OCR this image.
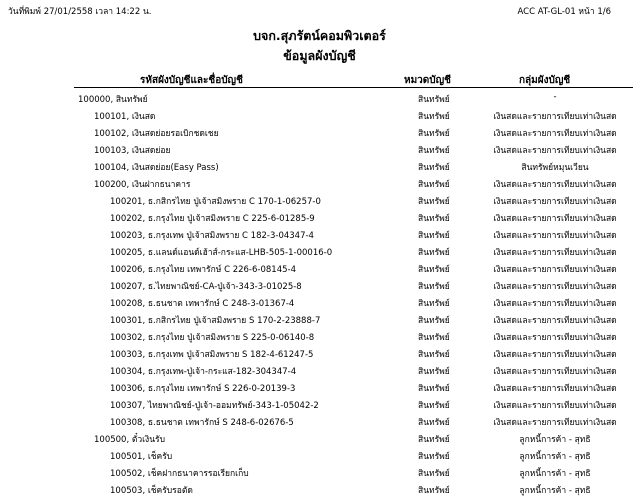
วันที่พิมพ์ 27/01/2558 เวลา 14:22 น.	ACC AT-GL-01 หน้า 1/6
บจก.สุภรัตน์คอมพิวเตอร์
ข้อมูลผังบัญชี
รหัสผังบัญชีและชื่อบัญชี	หมวดบัญชี	กลุ่มผังบัญชี
100000, สินทรัพย์	สินทรัพย์	-
100101, เงินสด	สินทรัพย์	เงินสดและรายการเทียบเท่าเงินสด
100102, เงินสดย่อยรอเบิกชดเชย	สินทรัพย์	เงินสดและรายการเทียบเท่าเงินสด
100103, เงินสดย่อย	สินทรัพย์	เงินสดและรายการเทียบเท่าเงินสด
100104, เงินสดย่อย(Easy Pass)	สินทรัพย์	สินทรัพย์หมุนเวียน
100200, เงินฝากธนาคาร	สินทรัพย์	เงินสดและรายการเทียบเท่าเงินสด
100201, ธ.กสิกรไทย ปู่เจ้าสมิงพราย C 170-1-06257-0	สินทรัพย์	เงินสดและรายการเทียบเท่าเงินสด
100202, ธ.กรุงไทย ปู่เจ้าสมิงพราย C 225-6-01285-9	สินทรัพย์	เงินสดและรายการเทียบเท่าเงินสด
100203, ธ.กรุงเทพ ปู่เจ้าสมิงพราย C 182-3-04347-4	สินทรัพย์	เงินสดและรายการเทียบเท่าเงินสด
100205, ธ.แลนด์แอนด์เฮ้าส์-กระแส-LHB-505-1-00016-0	สินทรัพย์	เงินสดและรายการเทียบเท่าเงินสด
100206, ธ.กรุงไทย เทพารักษ์ C 226-6-08145-4	สินทรัพย์	เงินสดและรายการเทียบเท่าเงินสด
100207, ธ.ไทยพาณิชย์-CA-ปู่เจ้า-343-3-01025-8	สินทรัพย์	เงินสดและรายการเทียบเท่าเงินสด
100208, ธ.ธนชาต เทพารักษ์ C 248-3-01367-4	สินทรัพย์	เงินสดและรายการเทียบเท่าเงินสด
100301, ธ.กสิกรไทย ปู่เจ้าสมิงพราย S 170-2-23888-7	สินทรัพย์	เงินสดและรายการเทียบเท่าเงินสด
100302, ธ.กรุงไทย ปู่เจ้าสมิงพราย S 225-0-06140-8	สินทรัพย์	เงินสดและรายการเทียบเท่าเงินสด
100303, ธ.กรุงเทพ ปู่เจ้าสมิงพราย S 182-4-61247-5	สินทรัพย์	เงินสดและรายการเทียบเท่าเงินสด
100304, ธ.กรุงเทพ-ปู่เจ้า-กระแส-182-304347-4	สินทรัพย์	เงินสดและรายการเทียบเท่าเงินสด
100306, ธ.กรุงไทย เทพารักษ์ S 226-0-20139-3	สินทรัพย์	เงินสดและรายการเทียบเท่าเงินสด
100307, ไทยพาณิชย์-ปู่เจ้า-ออมทรัพย์-343-1-05042-2	สินทรัพย์	เงินสดและรายการเทียบเท่าเงินสด
100308, ธ.ธนชาต เทพารักษ์ S 248-6-02676-5	สินทรัพย์	เงินสดและรายการเทียบเท่าเงินสด
100500, ตั๋วเงินรับ	สินทรัพย์	ลูกหนี้การค้า - สุทธิ
100501, เช็ครับ	สินทรัพย์	ลูกหนี้การค้า - สุทธิ
100502, เช็คฝากธนาคารรอเรียกเก็บ	สินทรัพย์	ลูกหนี้การค้า - สุทธิ
100503, เช็ครับรอตัด	สินทรัพย์	ลูกหนี้การค้า - สุทธิ
